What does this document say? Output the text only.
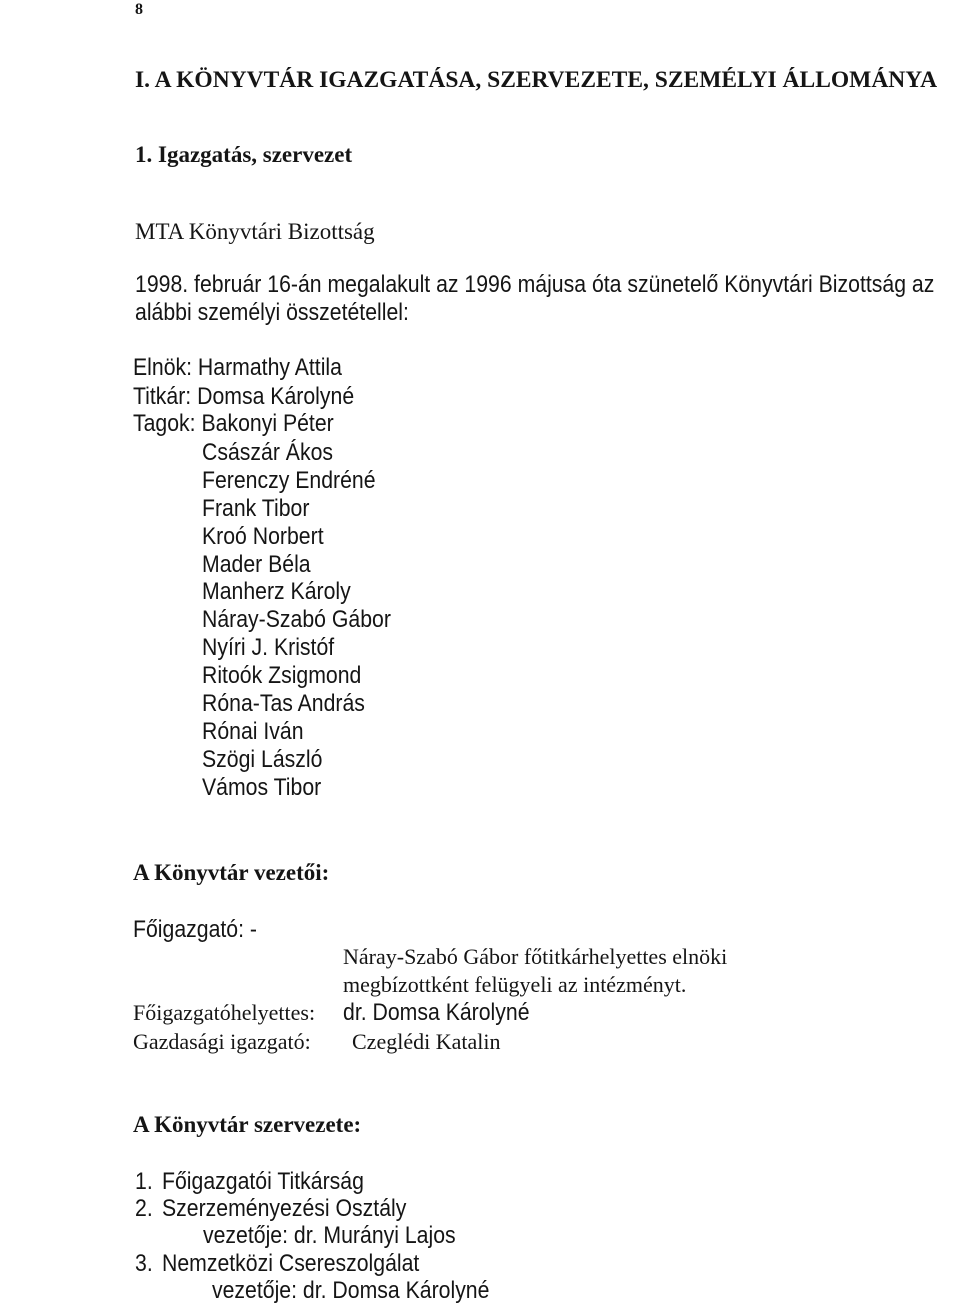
8
I. A KÖNYVTÁR IGAZGATÁSA, SZERVEZETE, SZEMÉLYI ÁLLOMÁNYA
1. Igazgatás, szervezet
MTA Könyvtári Bizottság
1998. február 16-án megalakult az 1996 májusa óta szünetelő Könyvtári Bizottság az
alábbi személyi összetétellel:
Elnök: Harmathy Attila
Titkár: Domsa Károlyné
Tagok: Bakonyi Péter
Császár Ákos
Ferenczy Endréné
Frank Tibor
Kroó Norbert
Mader Béla
Manherz Károly
Náray-Szabó Gábor
Nyíri J. Kristóf
Ritoók Zsigmond
Róna-Tas András
Rónai Iván
Szögi László
Vámos Tibor
A Könyvtár vezetői:
Főigazgató: -
Náray-Szabó Gábor főtitkárhelyettes elnöki
megbízottként felügyeli az intézményt.
Főigazgatóhelyettes: dr. Domsa Károlyné
Gazdasági igazgató: Czeglédi Katalin
A Könyvtár szervezete:
1. Főigazgatói Titkárság
2. Szerzeményezési Osztály
vezetője: dr. Murányi Lajos
3. Nemzetközi Csereszolgálat
vezetője: dr. Domsa Károlyné
